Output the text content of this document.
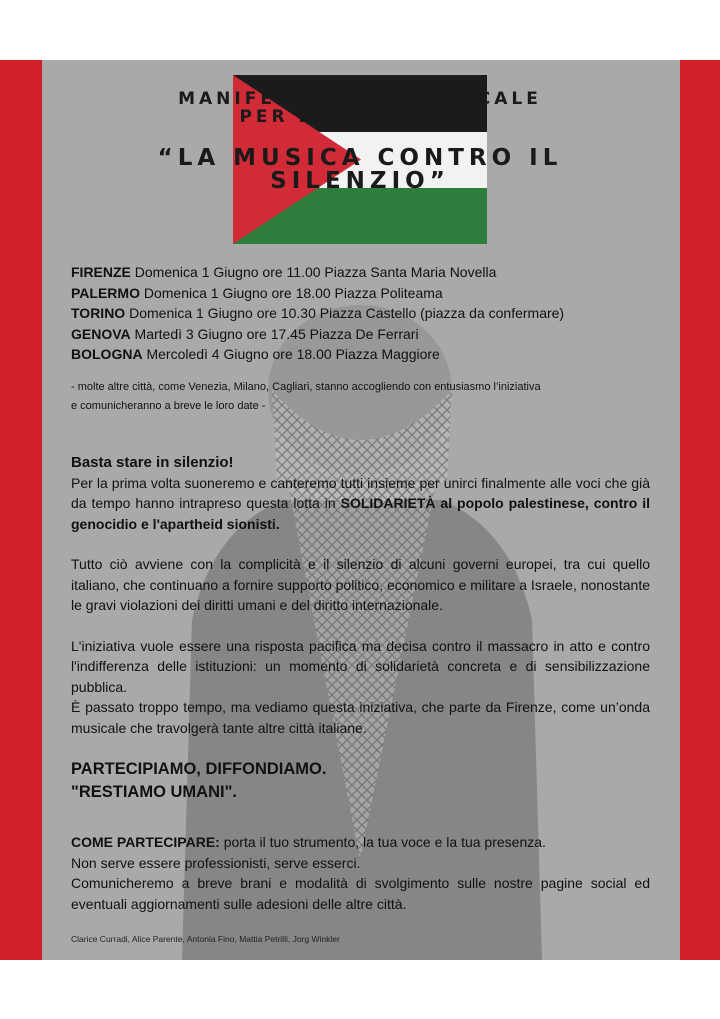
MANIFESTAZIONE MUSICALE
PER LA PALESTINA
“LA MUSICA CONTRO IL
SILENZIO”
FIRENZE Domenica 1 Giugno ore 11.00 Piazza Santa Maria Novella
PALERMO Domenica 1 Giugno ore 18.00 Piazza Politeama
TORINO Domenica 1 Giugno ore 10.30 Piazza Castello (piazza da confermare)
GENOVA Martedì 3 Giugno ore 17.45 Piazza De Ferrari
BOLOGNA Mercoledì 4 Giugno ore 18.00 Piazza Maggiore
- molte altre città, come Venezia, Milano, Cagliari, stanno accogliendo con entusiasmo l’iniziativa
e comunicheranno a breve le loro date -
Basta stare in silenzio!
Per la prima volta suoneremo e canteremo tutti insieme per unirci finalmente alle voci che già da tempo hanno intrapreso questa lotta in SOLIDARIETÀ al popolo palestinese, contro il genocidio e l'apartheid sionisti.
Tutto ciò avviene con la complicità e il silenzio di alcuni governi europei, tra cui quello italiano, che continuano a fornire supporto politico, economico e militare a Israele, nonostante le gravi violazioni dei diritti umani e del diritto internazionale.
L'iniziativa vuole essere una risposta pacifica ma decisa contro il massacro in atto e contro l'indifferenza delle istituzioni: un momento di solidarietà concreta e di sensibilizzazione pubblica.
È passato troppo tempo, ma vediamo questa iniziativa, che parte da Firenze, come un’onda musicale che travolgerà tante altre città italiane.
PARTECIPIAMO, DIFFONDIAMO.
"RESTIAMO UMANI".
COME PARTECIPARE: porta il tuo strumento, la tua voce e la tua presenza.
Non serve essere professionisti, serve esserci.
Comunicheremo a breve brani e modalità di svolgimento sulle nostre pagine social ed eventuali aggiornamenti sulle adesioni delle altre città.
Clarice Curradi, Alice Parente, Antonia Fino, Mattia Petrilli, Jorg Winkler
